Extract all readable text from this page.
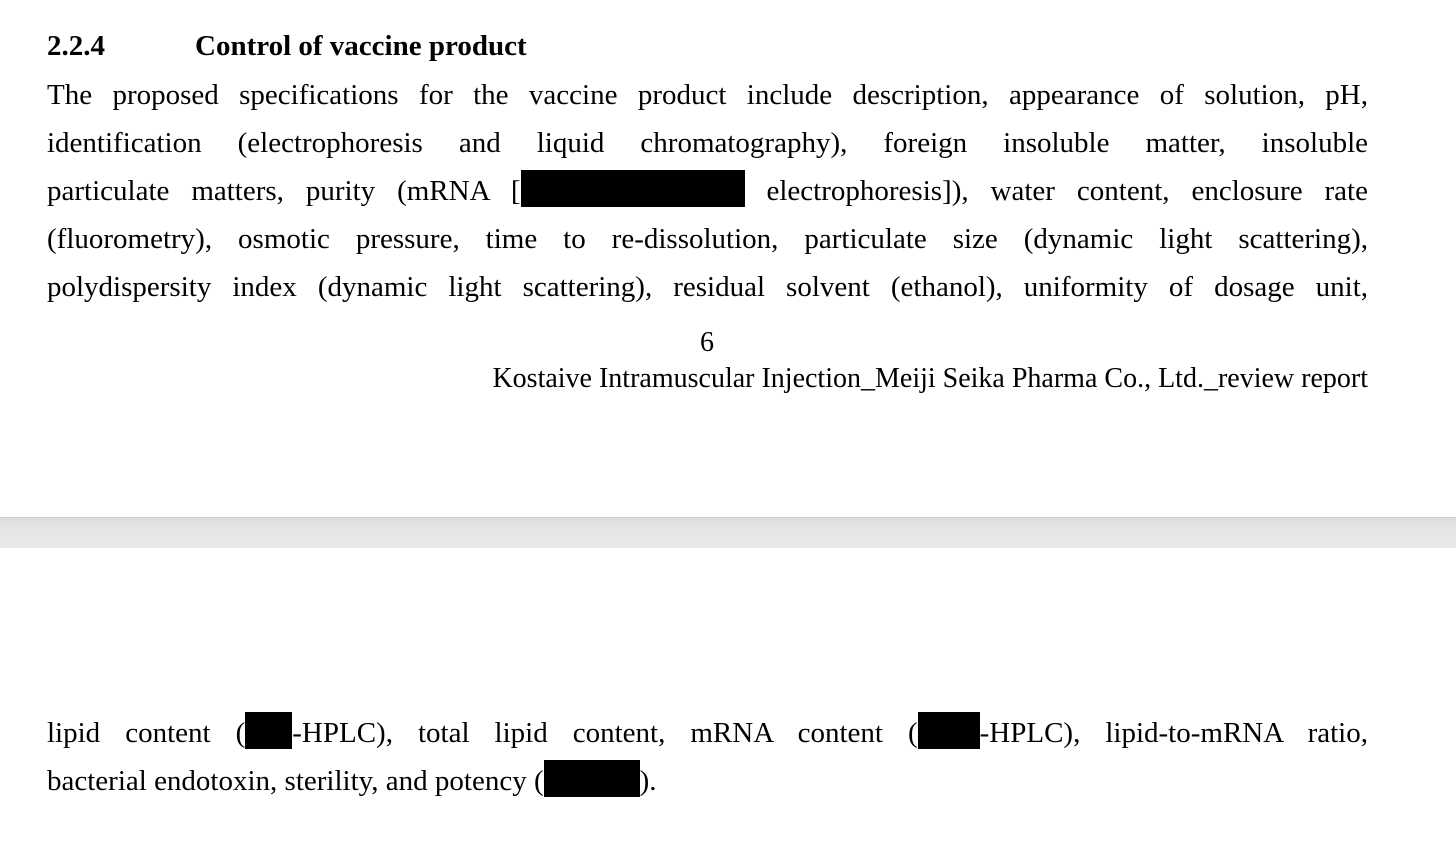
2.2.4	Control of vaccine product
The proposed specifications for the vaccine product include description, appearance of solution, pH,
identification (electrophoresis and liquid chromatography), foreign insoluble matter, insoluble
particulate matters, purity (mRNA [	electrophoresis]), water content, enclosure rate
(fluorometry), osmotic pressure, time to re-dissolution, particulate size (dynamic light scattering),
polydispersity index (dynamic light scattering), residual solvent (ethanol), uniformity of dosage unit,
6
Kostaive Intramuscular Injection_Meiji Seika Pharma Co., Ltd._review report
lipid content ( -HPLC), total lipid content, mRNA content ( -HPLC), lipid-to-mRNA ratio,
bacterial endotoxin, sterility, and potency (	).
